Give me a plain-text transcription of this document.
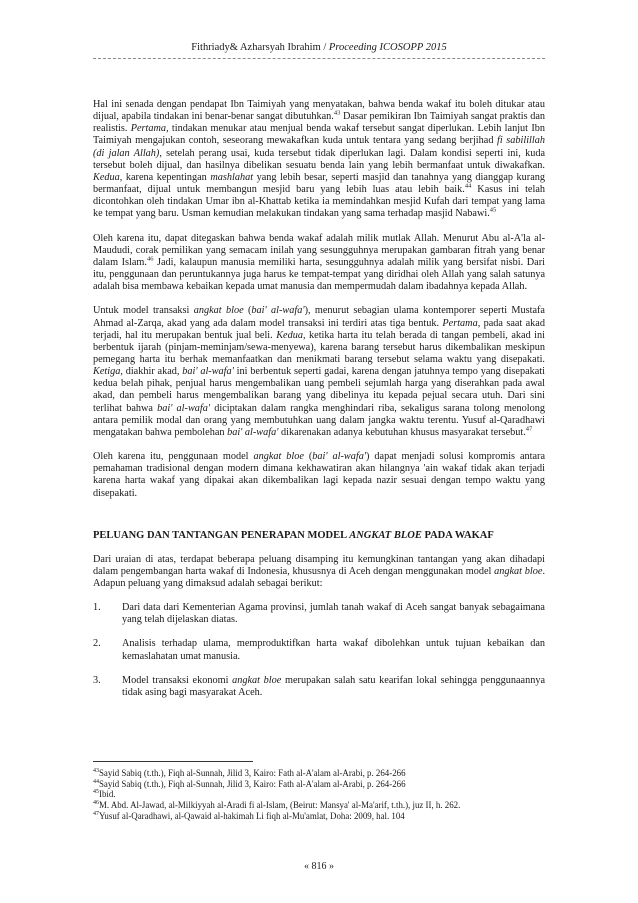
Fithriady& Azharsyah Ibrahim / Proceeding ICOSOPP 2015

Hal ini senada dengan pendapat Ibn Taimiyah yang menyatakan, bahwa benda wakaf itu boleh ditukar atau dijual, apabila tindakan ini benar-benar sangat dibutuhkan.$^{43}$ Dasar pemikiran Ibn Taimiyah sangat praktis dan realistis. Pertama, tindakan menukar atau menjual benda wakaf tersebut sangat diperlukan. Lebih lanjut Ibn Taimiyah mengajukan contoh, seseorang mewakafkan kuda untuk tentara yang sedang berjihad fi sabilillah (di jalan Allah), setelah perang usai, kuda tersebut tidak diperlukan lagi. Dalam kondisi seperti ini, kuda tersebut boleh dijual, dan hasilnya dibelikan sesuatu benda lain yang lebih bermanfaat untuk diwakafkan. Kedua, karena kepentingan mashlahat yang lebih besar, seperti masjid dan tanahnya yang dianggap kurang bermanfaat, dijual untuk membangun mesjid baru yang lebih luas atau lebih baik.$^{44}$ Kasus ini telah dicontohkan oleh tindakan Umar ibn al-Khattab ketika ia memindahkan mesjid Kufah dari tempat yang lama ke tempat yang baru. Usman kemudian melakukan tindakan yang sama terhadap masjid Nabawi.$^{45}$

Oleh karena itu, dapat ditegaskan bahwa benda wakaf adalah milik mutlak Allah. Menurut Abu al-A'la al-Maududi, corak pemilikan yang semacam inilah yang sesungguhnya merupakan gambaran fitrah yang benar dalam Islam.$^{46}$ Jadi, kalaupun manusia memiliki harta, sesungguhnya adalah milik yang bersifat nisbi. Dari itu, penggunaan dan peruntukannya juga harus ke tempat-tempat yang diridhai oleh Allah yang salah satunya adalah bisa membawa kebaikan kepada umat manusia dan mempermudah dalam ibadahnya kepada Allah.

Untuk model transaksi angkat bloe (bai' al-wafa'), menurut sebagian ulama kontemporer seperti Mustafa Ahmad al-Zarqa, akad yang ada dalam model transaksi ini terdiri atas tiga bentuk. Pertama, pada saat akad terjadi, hal itu merupakan bentuk jual beli. Kedua, ketika harta itu telah berada di tangan pembeli, akad ini berbentuk ijarah (pinjam-meminjam/sewa-menyewa), karena barang tersebut harus dikembalikan meskipun pemegang harta itu berhak memanfaatkan dan menikmati barang tersebut selama waktu yang disepakati. Ketiga, diakhir akad, bai' al-wafa' ini berbentuk seperti gadai, karena dengan jatuhnya tempo yang disepakati kedua belah pihak, penjual harus mengembalikan uang pembeli sejumlah harga yang diserahkan pada awal akad, dan pembeli harus mengembalikan barang yang dibelinya itu kepada pejual secara utuh. Dari sini terlihat bahwa bai' al-wafa' diciptakan dalam rangka menghindari riba, sekaligus sarana tolong menolong antara pemilik modal dan orang yang membutuhkan uang dalam jangka waktu terentu. Yusuf al-Qaradhawi mengatakan bahwa pembolehan bai' al-wafa' dikarenakan adanya kebutuhan khusus masyarakat tersebut.$^{47}$

Oleh karena itu, penggunaan model angkat bloe (bai' al-wafa') dapat menjadi solusi kompromis antara pemahaman tradisional dengan modern dimana kekhawatiran akan hilangnya 'ain wakaf tidak akan terjadi karena harta wakaf yang dipakai akan dikembalikan lagi kepada nazir sesuai dengan tempo waktu yang disepakati.

PELUANG DAN TANTANGAN PENERAPAN MODEL ANGKAT BLOE PADA WAKAF

Dari uraian di atas, terdapat beberapa peluang disamping itu kemungkinan tantangan yang akan dihadapi dalam pengembangan harta wakaf di Indonesia, khususnya di Aceh dengan menggunakan model angkat bloe. Adapun peluang yang dimaksud adalah sebagai berikut:

1. Dari data dari Kementerian Agama provinsi, jumlah tanah wakaf di Aceh sangat banyak sebagaimana yang telah dijelaskan diatas.
2. Analisis terhadap ulama, memproduktifkan harta wakaf dibolehkan untuk tujuan kebaikan dan kemaslahatan umat manusia.
3. Model transaksi ekonomi angkat bloe merupakan salah satu kearifan lokal sehingga penggunaannya tidak asing bagi masyarakat Aceh.
$^{43}$Sayid Sabiq (t.th.), Fiqh al-Sunnah, Jilid 3, Kairo: Fath al-A'alam al-Arabi, p. 264-266
$^{44}$Sayid Sabiq (t.th.), Fiqh al-Sunnah, Jilid 3, Kairo: Fath al-A'alam al-Arabi, p. 264-266
$^{45}$Ibid.
$^{46}$M. Abd. Al-Jawad, al-Milkiyyah al-Aradi fi al-Islam, (Beirut: Mansya' al-Ma'arif, t.th.), juz II, h. 262.
$^{47}$Yusuf al-Qaradhawi, al-Qawaid al-hakimah Li fiqh al-Mu'amlat, Doha: 2009, hal. 104
« 816 »
